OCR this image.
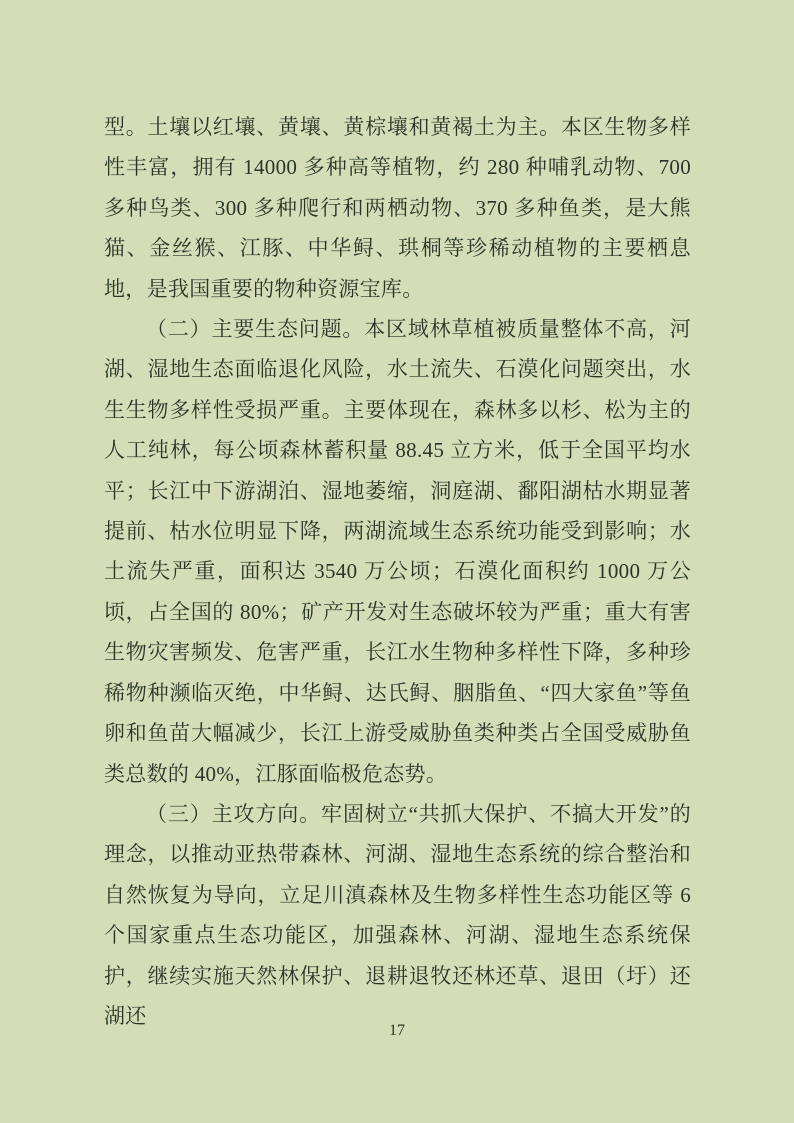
型。土壤以红壤、黄壤、黄棕壤和黄褐土为主。本区生物多样性丰富，拥有 14000 多种高等植物，约 280 种哺乳动物、700 多种鸟类、300 多种爬行和两栖动物、370 多种鱼类，是大熊猫、金丝猴、江豚、中华鲟、珙桐等珍稀动植物的主要栖息地，是我国重要的物种资源宝库。

（二）主要生态问题。本区域林草植被质量整体不高，河湖、湿地生态面临退化风险，水土流失、石漠化问题突出，水生生物多样性受损严重。主要体现在，森林多以杉、松为主的人工纯林，每公顷森林蓄积量 88.45 立方米，低于全国平均水平；长江中下游湖泊、湿地萎缩，洞庭湖、鄱阳湖枯水期显著提前、枯水位明显下降，两湖流域生态系统功能受到影响；水土流失严重，面积达 3540 万公顷；石漠化面积约 1000 万公顷，占全国的 80%；矿产开发对生态破坏较为严重；重大有害生物灾害频发、危害严重，长江水生物种多样性下降，多种珍稀物种濒临灭绝，中华鲟、达氏鲟、胭脂鱼、“四大家鱼”等鱼卵和鱼苗大幅减少，长江上游受威胁鱼类种类占全国受威胁鱼类总数的 40%，江豚面临极危态势。

（三）主攻方向。牢固树立“共抓大保护、不搞大开发”的理念，以推动亚热带森林、河湖、湿地生态系统的综合整治和自然恢复为导向，立足川滇森林及生物多样性生态功能区等 6 个国家重点生态功能区，加强森林、河湖、湿地生态系统保护，继续实施天然林保护、退耕退牧还林还草、退田（圩）还湖还

17
